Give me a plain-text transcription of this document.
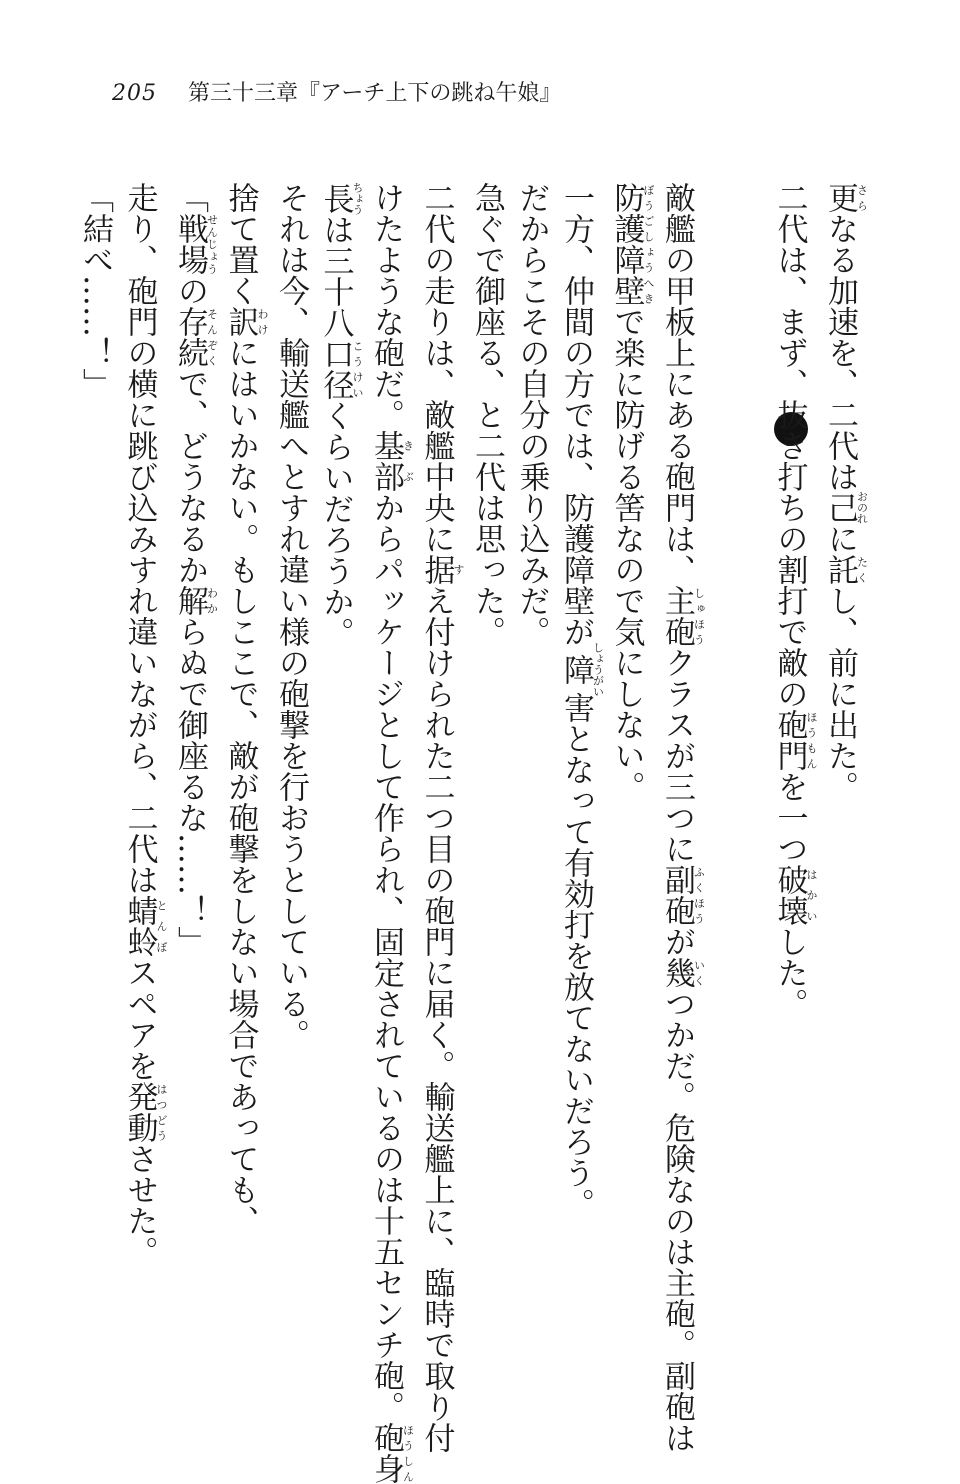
205 第三十三章『アーチ上下の跳ね午娘』
更さらなる加速を、二代は己おのれに託たくし、前に出た。
二代は、まず、抜き打ちの割打で敵の砲門ほうもんを一つ破壊はかいした。
敵艦の甲板上にある砲門は、主砲しゅほうクラスが三つに副砲ふくほうが幾いくつかだ。危険なのは主砲。副砲は
防護障壁ぼうごしょうへきで楽に防げる筈なので気にしない。
一方、仲間の方では、防護障壁が障しょうがい害となって有効打を放てないだろう。
だからこその自分の乗り込みだ。
急ぐで御座る、と二代は思った。
二代の走りは、敵艦中央に据すえ付けられた二つ目の砲門に届く。輸送艦上に、臨時で取り付
けたような砲だ。基部きぶからパッケージとして作られ、固定されているのは十五センチ砲。砲身ほうしん
長ちょうは三十八口径こうけいくらいだろうか。
それは今、輸送艦へとすれ違い様の砲撃を行おうとしている。
捨て置く訳わけにはいかない。もしここで、敵が砲撃をしない場合であっても、
「戦場せんじょうの存続そんぞくで、どうなるか解わからぬで御座るな……！」
走り、砲門の横に跳び込みすれ違いながら、二代は蜻蛉とんぼスペアを発動はつどうさせた。
「結べ……！」
